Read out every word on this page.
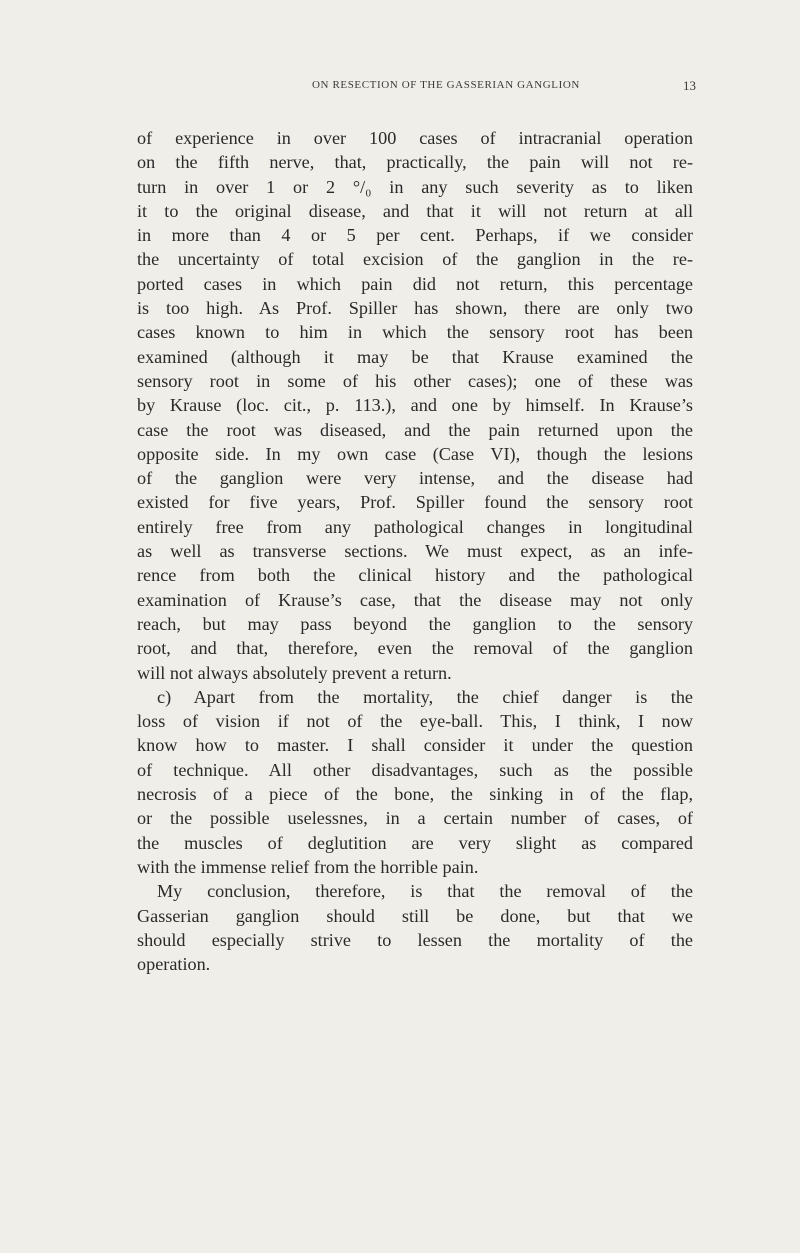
ON RESECTION OF THE GASSERIAN GANGLION	13
of experience in over 100 cases of intracranial operation
on the fifth nerve, that, practically, the pain will not re-
turn in over 1 or 2 °/₀ in any such severity as to liken
it to the original disease, and that it will not return at all
in more than 4 or 5 per cent. Perhaps, if we consider
the uncertainty of total excision of the ganglion in the re-
ported cases in which pain did not return, this percentage
is too high. As Prof. Spiller has shown, there are only two
cases known to him in which the sensory root has been
examined (although it may be that Krause examined the
sensory root in some of his other cases); one of these was
by Krause (loc. cit., p. 113.), and one by himself. In Krause’s
case the root was diseased, and the pain returned upon the
opposite side. In my own case (Case VI), though the lesions
of the ganglion were very intense, and the disease had
existed for five years, Prof. Spiller found the sensory root
entirely free from any pathological changes in longitudinal
as well as transverse sections. We must expect, as an infe-
rence from both the clinical history and the pathological
examination of Krause’s case, that the disease may not only
reach, but may pass beyond the ganglion to the sensory
root, and that, therefore, even the removal of the ganglion
will not always absolutely prevent a return.
c) Apart from the mortality, the chief danger is the
loss of vision if not of the eye-ball. This, I think, I now
know how to master. I shall consider it under the question
of technique. All other disadvantages, such as the possible
necrosis of a piece of the bone, the sinking in of the flap,
or the possible uselessnes, in a certain number of cases, of
the muscles of deglutition are very slight as compared
with the immense relief from the horrible pain.
My conclusion, therefore, is that the removal of the
Gasserian ganglion should still be done, but that we
should especially strive to lessen the mortality of the
operation.
